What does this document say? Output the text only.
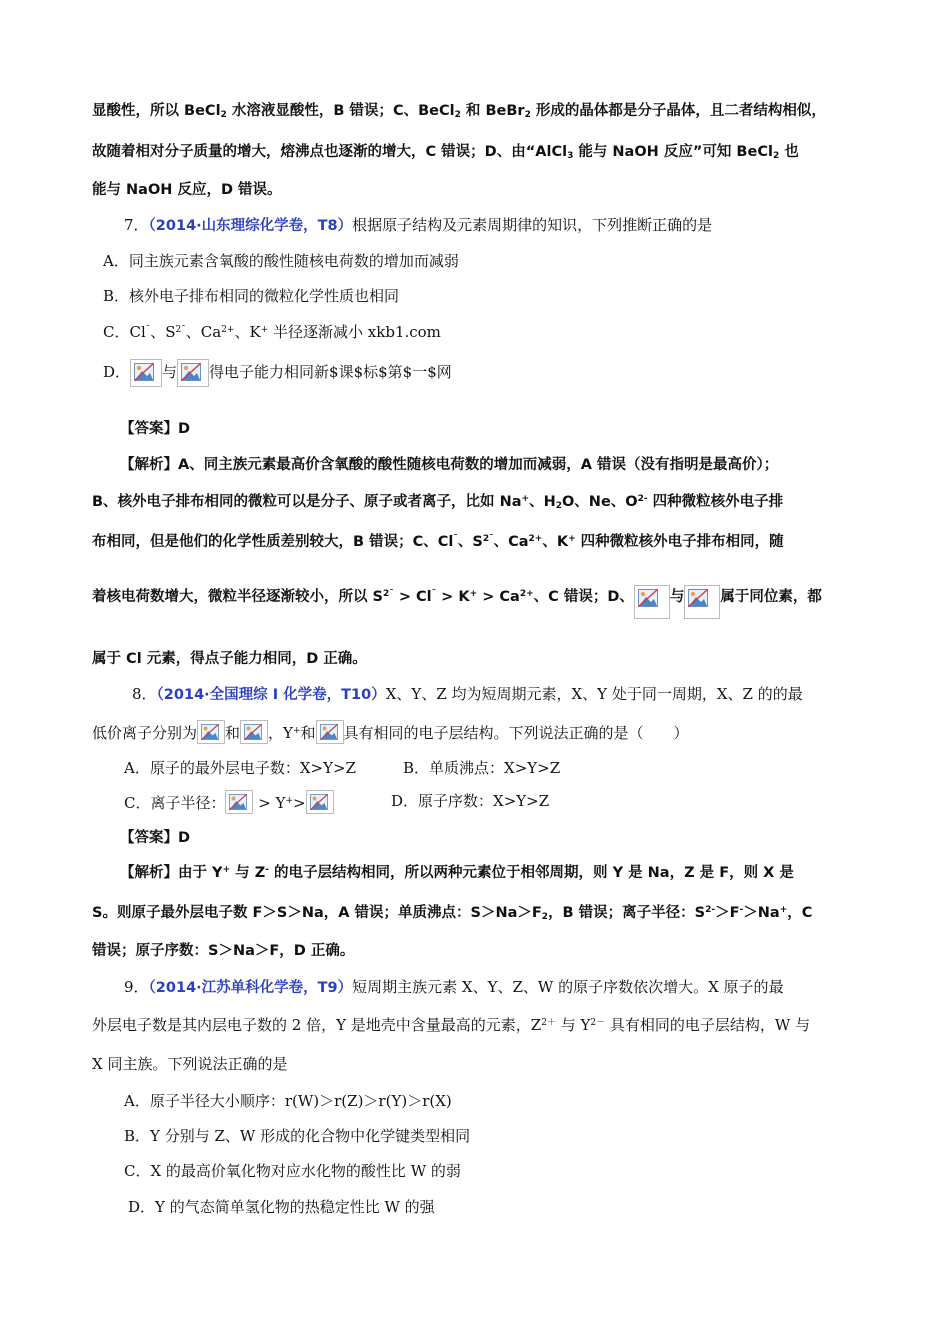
显酸性，所以 BeCl$_2$ 水溶液显酸性，B 错误；C、BeCl$_2$ 和 BeBr$_2$ 形成的晶体都是分子晶体，且二者结构相似，
故随着相对分子质量的增大，熔沸点也逐渐的增大，C 错误；D、由“AlCl$_3$ 能与 NaOH 反应”可知 BeCl$_2$ 也
能与 NaOH 反应，D 错误。
7．（2014·山东理综化学卷，T8）根据原子结构及元素周期律的知识，下列推断正确的是
A．同主族元素含氧酸的酸性随核电荷数的增加而减弱
B．核外电子排布相同的微粒化学性质也相同
C．Cl¯、$S^{2¯}$、$Ca^{2+}$、K+ 半径逐渐减小 xkb1.com
D． 与 得电子能力相同新$课$标$第$一$网
【答案】D
【解析】A、同主族元素最高价含氧酸的酸性随核电荷数的增加而减弱，A 错误（没有指明是最高价）；
B、核外电子排布相同的微粒可以是分子、原子或者离子，比如 Na+、$H_2O$、Ne、$O^{2-}$ 四种微粒核外电子排
布相同，但是他们的化学性质差别较大，B 错误；C、Cl¯、$S^{2¯}$、$Ca^{2+}$、K+ 四种微粒核外电子排布相同，随
着核电荷数增大，微粒半径逐渐较小，所以 $S^{2¯} > Cl^¯ > K^+ > Ca^{2+}$、C 错误；D、 与 属于同位素，都
属于 Cl 元素，得点子能力相同，D 正确。
8．（2014·全国理综 I 化学卷，T10）X、Y、Z 均为短周期元素，X、Y 处于同一周期，X、Z 的的最
低价离子分别为 和 ，Y+和 具有相同的电子层结构。下列说法正确的是（　　）
A．原子的最外层电子数：X>Y>Z	B．单质沸点：X>Y>Z
C．离子半径：
> Y+>	D．原子序数：X>Y>Z
【答案】D
【解析】由于 Y+ 与 Z- 的电子层结构相同，所以两种元素位于相邻周期，则 Y 是 Na，Z 是 F，则 X 是
S。则原子最外层电子数 F＞S＞Na，A 错误；单质沸点：$S>Na>F_2$，B 错误；离子半径：$S^{2-}>F^->Na^+$，C
错误；原子序数：S＞Na＞F，D 正确。
9．（2014·江苏单科化学卷，T9）短周期主族元素 X、Y、Z、W 的原子序数依次增大。X 原子的最
外层电子数是其内层电子数的 2 倍，Y 是地壳中含量最高的元素，$Z^{2+}$ 与 $Y^{2-}$ 具有相同的电子层结构，W 与
X 同主族。下列说法正确的是
A．原子半径大小顺序：r(W)＞r(Z)＞r(Y)＞r(X)
B．Y 分别与 Z、W 形成的化合物中化学键类型相同
C．X 的最高价氧化物对应水化物的酸性比 W 的弱
D．Y 的气态简单氢化物的热稳定性比 W 的强
